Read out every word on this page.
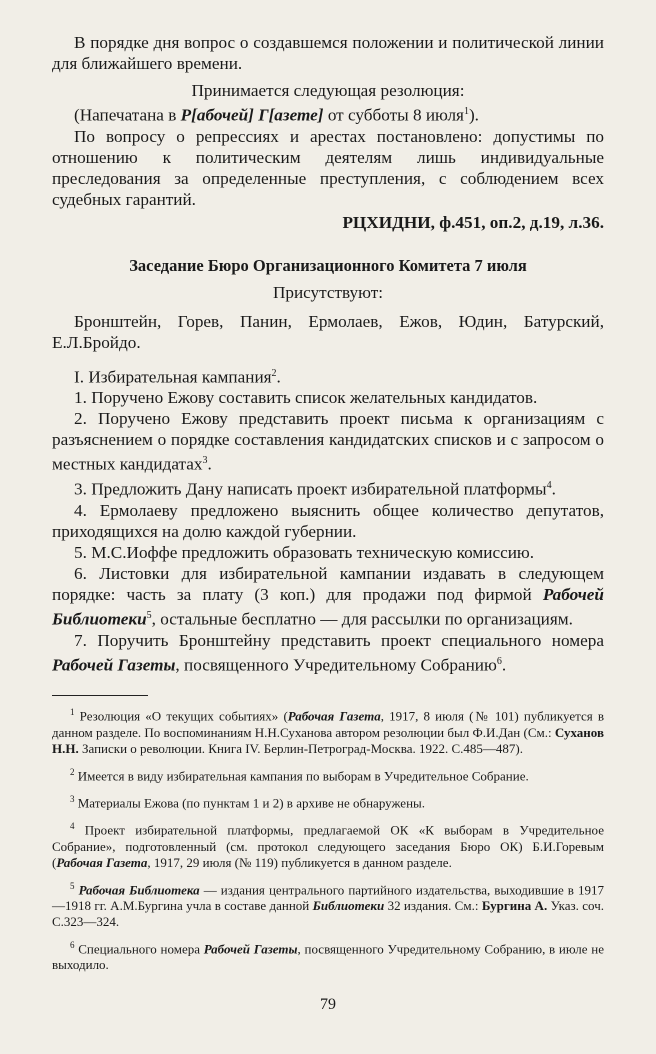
В порядке дня вопрос о создавшемся положении и политической линии для ближайшего времени.

Принимается следующая резолюция:

(Напечатана в Р[абочей] Г[азете] от субботы 8 июля$^1$).

По вопросу о репрессиях и арестах постановлено: допустимы по отношению к политическим деятелям лишь индивидуальные преследования за определенные преступления, с соблюдением всех судебных гарантий.

РЦХИДНИ, ф.451, оп.2, д.19, л.36.

Заседание Бюро Организационного Комитета 7 июля

Присутствуют:

Бронштейн, Горев, Панин, Ермолаев, Ежов, Юдин, Батурский, Е.Л.Бройдо.

I. Избирательная кампания$^2$.

1. Поручено Ежову составить список желательных кандидатов.

2. Поручено Ежову представить проект письма к организациям с разъяснением о порядке составления кандидатских списков и с запросом о местных кандидатах$^3$.

3. Предложить Дану написать проект избирательной платформы$^4$.

4. Ермолаеву предложено выяснить общее количество депутатов, приходящихся на долю каждой губернии.

5. М.С.Иоффе предложить образовать техническую комиссию.

6. Листовки для избирательной кампании издавать в следующем порядке: часть за плату (3 коп.) для продажи под фирмой Рабочей Библиотеки$^5$, остальные бесплатно — для рассылки по организациям.

7. Поручить Бронштейну представить проект специального номера Рабочей Газеты, посвященного Учредительному Собранию$^6$.

$^1$ Резолюция «О текущих событиях» (Рабочая Газета, 1917, 8 июля (№ 101) публикуется в данном разделе. По воспоминаниям Н.Н.Суханова автором резолюции был Ф.И.Дан (См.: Суханов Н.Н. Записки о революции. Книга IV. Берлин-Петроград-Москва. 1922. С.485—487).

$^2$ Имеется в виду избирательная кампания по выборам в Учредительное Собрание.

$^3$ Материалы Ежова (по пунктам 1 и 2) в архиве не обнаружены.

$^4$ Проект избирательной платформы, предлагаемой ОК «К выборам в Учредительное Собрание», подготовленный (см. протокол следующего заседания Бюро ОК) Б.И.Горевым (Рабочая Газета, 1917, 29 июля (№ 119) публикуется в данном разделе.

$^5$ Рабочая Библиотека — издания центрального партийного издательства, выходившие в 1917—1918 гг. А.М.Бургина учла в составе данной Библиотеки 32 издания. См.: Бургина А. Указ. соч. С.323—324.

$^6$ Специального номера Рабочей Газеты, посвященного Учредительному Собранию, в июле не выходило.

79
